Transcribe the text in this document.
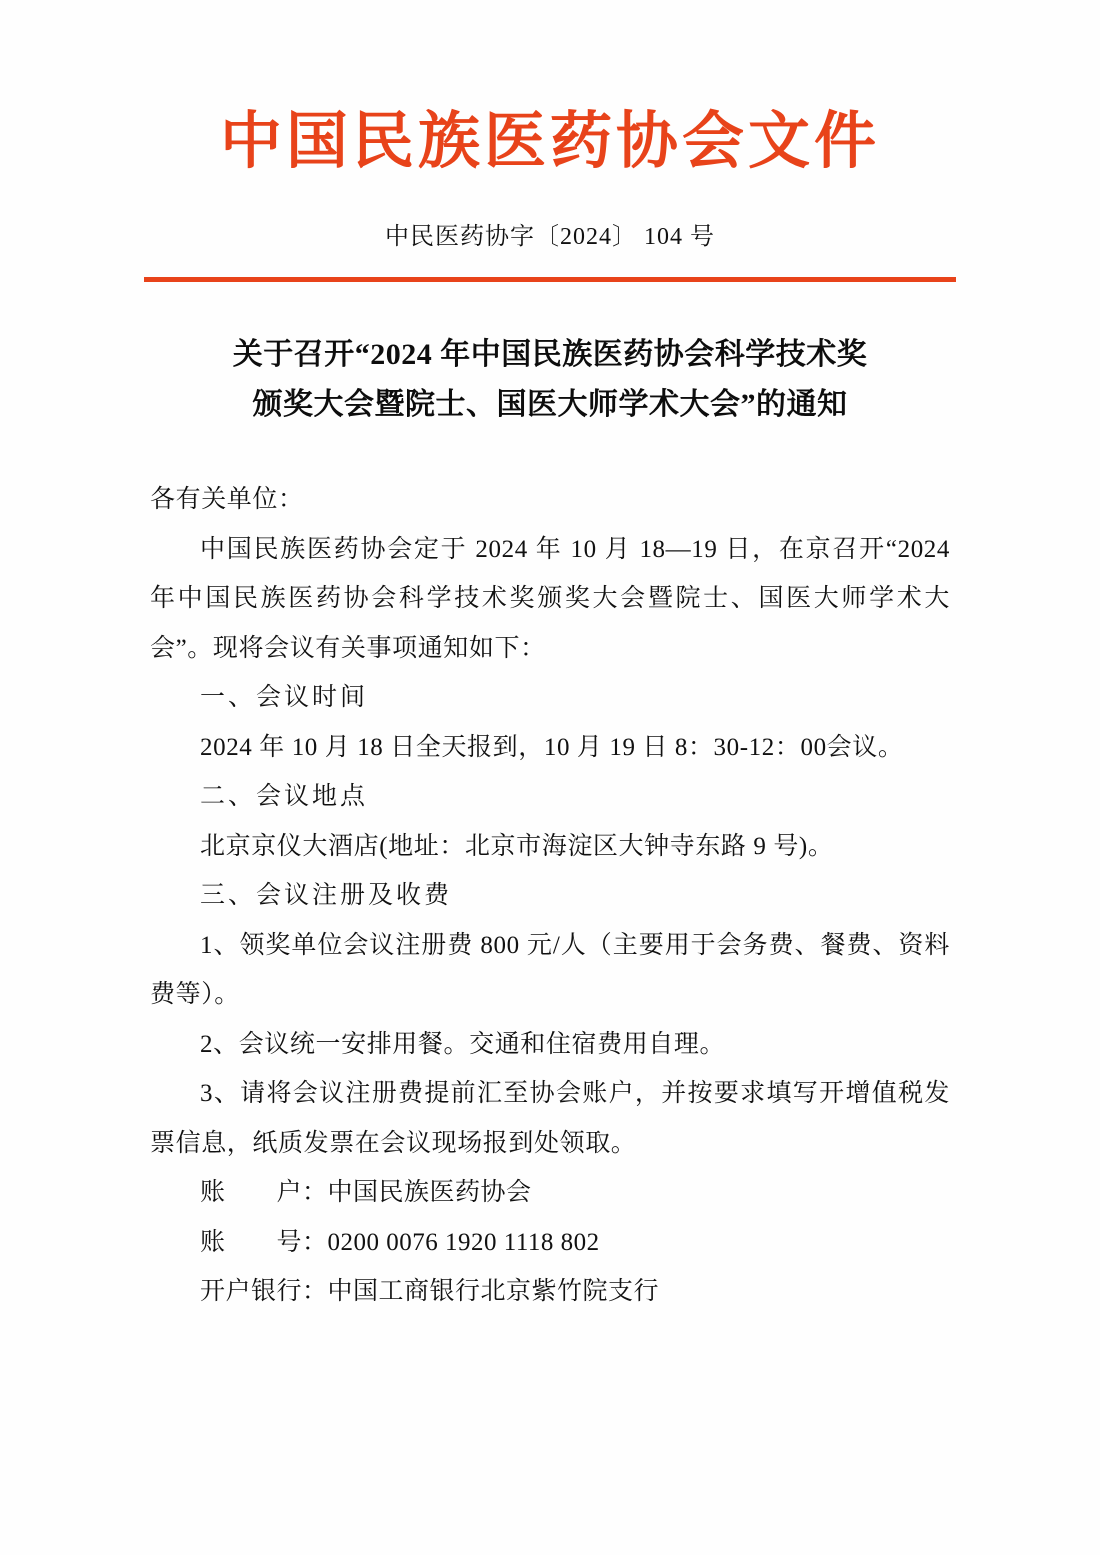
中国民族医药协会文件
中民医药协字〔2024〕 104 号
关于召开“2024 年中国民族医药协会科学技术奖
颁奖大会暨院士、国医大师学术大会”的通知

各有关单位：

中国民族医药协会定于 2024 年 10 月 18—19 日，在京召开“2024 年中国民族医药协会科学技术奖颁奖大会暨院士、国医大师学术大会”。现将会议有关事项通知如下：

一、会议时间

2024 年 10 月 18 日全天报到，10 月 19 日 8：30-12：00会议。

二、会议地点

北京京仪大酒店(地址：北京市海淀区大钟寺东路 9 号)。

三、会议注册及收费

1、领奖单位会议注册费 800 元/人（主要用于会务费、餐费、资料费等）。

2、会议统一安排用餐。交通和住宿费用自理。

3、请将会议注册费提前汇至协会账户，并按要求填写开增值税发票信息，纸质发票在会议现场报到处领取。

账　　户：中国民族医药协会

账　　号：0200 0076 1920 1118 802

开户银行：中国工商银行北京紫竹院支行
